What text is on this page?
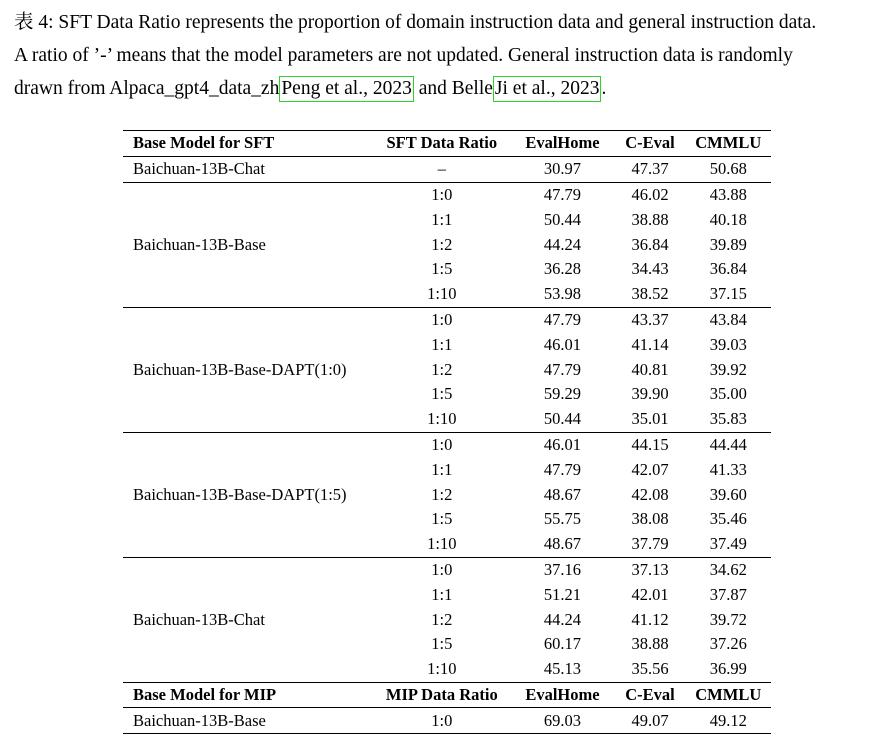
表 4: SFT Data Ratio represents the proportion of domain instruction data and general instruction data.
A ratio of ’-’ means that the model parameters are not updated. General instruction data is randomly
drawn from Alpaca_gpt4_data_zh Peng et al., 2023 and Belle Ji et al., 2023 .
Base Model for SFT	SFT Data Ratio	EvalHome	C-Eval	CMMLU
Baichuan-13B-Chat	–	30.97	47.37	50.68
Baichuan-13B-Base	1:0	47.79	46.02	43.88
	1:1	50.44	38.88	40.18
	1:2	44.24	36.84	39.89
	1:5	36.28	34.43	36.84
	1:10	53.98	38.52	37.15
Baichuan-13B-Base-DAPT(1:0)	1:0	47.79	43.37	43.84
	1:1	46.01	41.14	39.03
	1:2	47.79	40.81	39.92
	1:5	59.29	39.90	35.00
	1:10	50.44	35.01	35.83
Baichuan-13B-Base-DAPT(1:5)	1:0	46.01	44.15	44.44
	1:1	47.79	42.07	41.33
	1:2	48.67	42.08	39.60
	1:5	55.75	38.08	35.46
	1:10	48.67	37.79	37.49
Baichuan-13B-Chat	1:0	37.16	37.13	34.62
	1:1	51.21	42.01	37.87
	1:2	44.24	41.12	39.72
	1:5	60.17	38.88	37.26
	1:10	45.13	35.56	36.99
Base Model for MIP	MIP Data Ratio	EvalHome	C-Eval	CMMLU
Baichuan-13B-Base	1:0	69.03	49.07	49.12
